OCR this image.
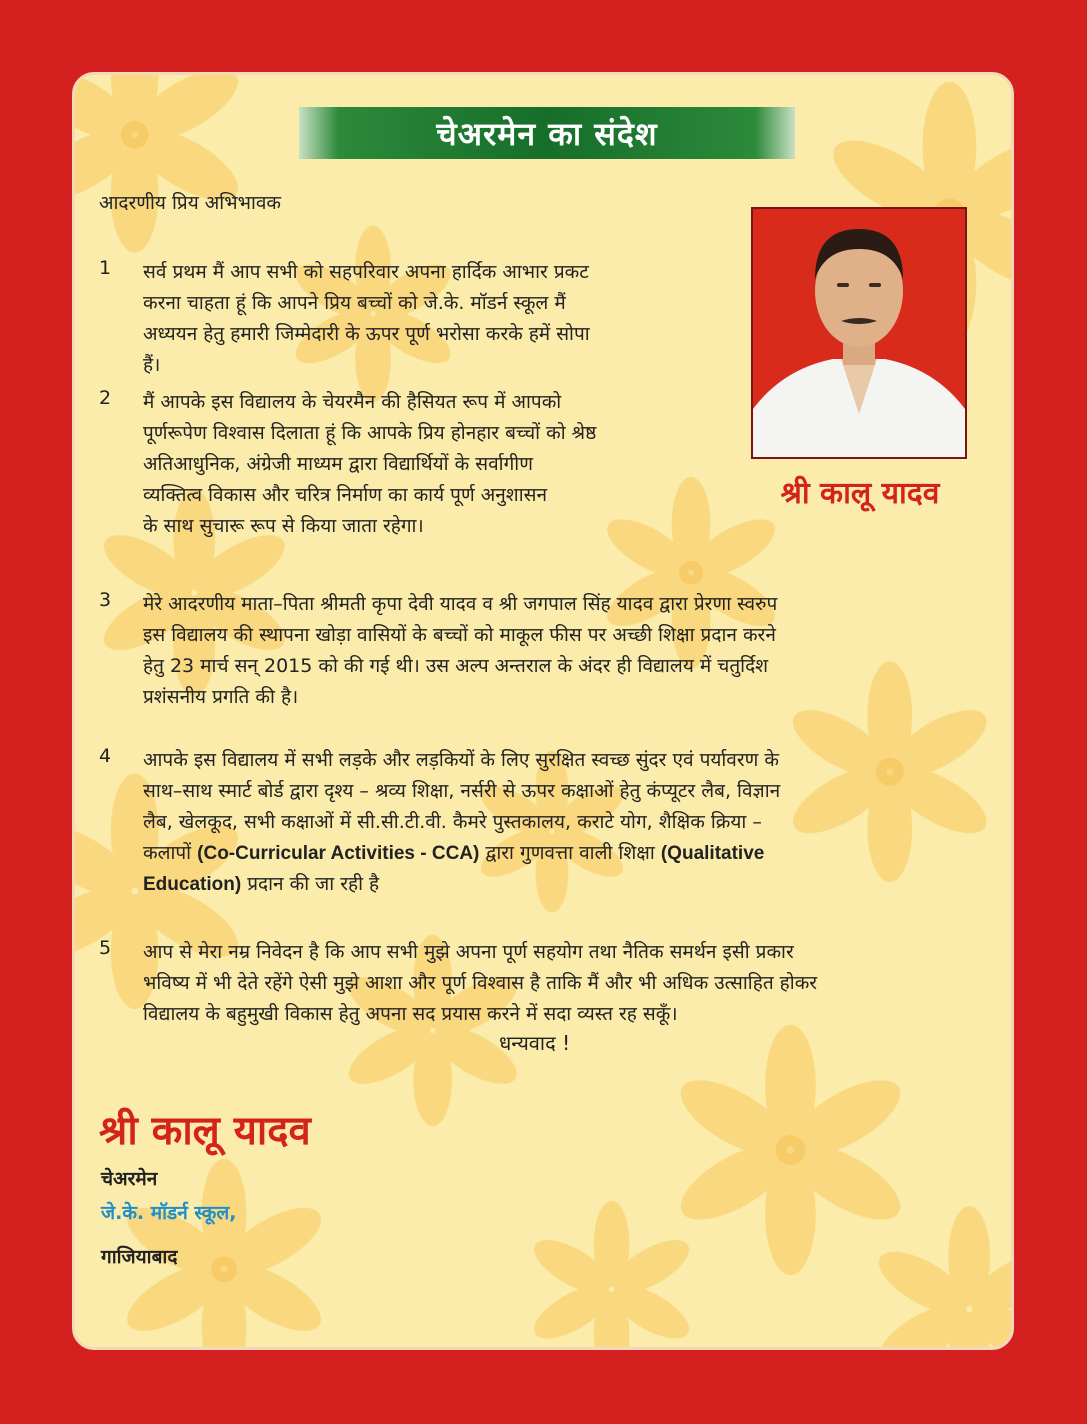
चेअरमेन का संदेश
आदरणीय प्रिय अभिभावक
श्री कालू यादव
1 सर्व प्रथम मैं आप सभी को सहपरिवार अपना हार्दिक आभार प्रकट
करना चाहता हूं कि आपने प्रिय बच्चों को जे.के. मॉडर्न स्कूल मैं
अध्ययन हेतु हमारी जिम्मेदारी के ऊपर पूर्ण भरोसा करके हमें सोपा
हैं।
2 मैं आपके इस विद्यालय के चेयरमैन की हैसियत रूप में आपको
पूर्णरूपेण विश्वास दिलाता हूं कि आपके प्रिय होनहार बच्चों को श्रेष्ठ
अतिआधुनिक, अंग्रेजी माध्यम द्वारा विद्यार्थियों के सर्वागीण
व्यक्तित्व विकास और चरित्र निर्माण का कार्य पूर्ण अनुशासन
के साथ सुचारू रूप से किया जाता रहेगा।
3 मेरे आदरणीय माता–पिता श्रीमती कृपा देवी यादव व श्री जगपाल सिंह यादव द्वारा प्रेरणा स्वरुप
इस विद्यालय की स्थापना खोड़ा वासियों के बच्चों को माकूल फीस पर अच्छी शिक्षा प्रदान करने
हेतु 23 मार्च सन् 2015 को की गई थी। उस अल्प अन्तराल के अंदर ही विद्यालय में चतुर्दिश
प्रशंसनीय प्रगति की है।
4 आपके इस विद्यालय में सभी लड़के और लड़कियों के लिए सुरक्षित स्वच्छ सुंदर एवं पर्यावरण के
साथ–साथ स्मार्ट बोर्ड द्वारा दृश्य – श्रव्य शिक्षा, नर्सरी से ऊपर कक्षाओं हेतु कंप्यूटर लैब, विज्ञान
लैब, खेलकूद, सभी कक्षाओं में सी.सी.टी.वी. कैमरे पुस्तकालय, कराटे योग, शैक्षिक क्रिया –
कलापों (Co-Curricular Activities - CCA) द्वारा गुणवत्ता वाली शिक्षा (Qualitative
Education) प्रदान की जा रही है
5 आप से मेरा नम्र निवेदन है कि आप सभी मुझे अपना पूर्ण सहयोग तथा नैतिक समर्थन इसी प्रकार
भविष्य में भी देते रहेंगे ऐसी मुझे आशा और पूर्ण विश्वास है ताकि मैं और भी अधिक उत्साहित होकर
विद्यालय के बहुमुखी विकास हेतु अपना सद प्रयास करने में सदा व्यस्त रह सकूँ।
धन्यवाद !
श्री कालू यादव
चेअरमेन
जे.के. मॉडर्न स्कूल,
गाजियाबाद
